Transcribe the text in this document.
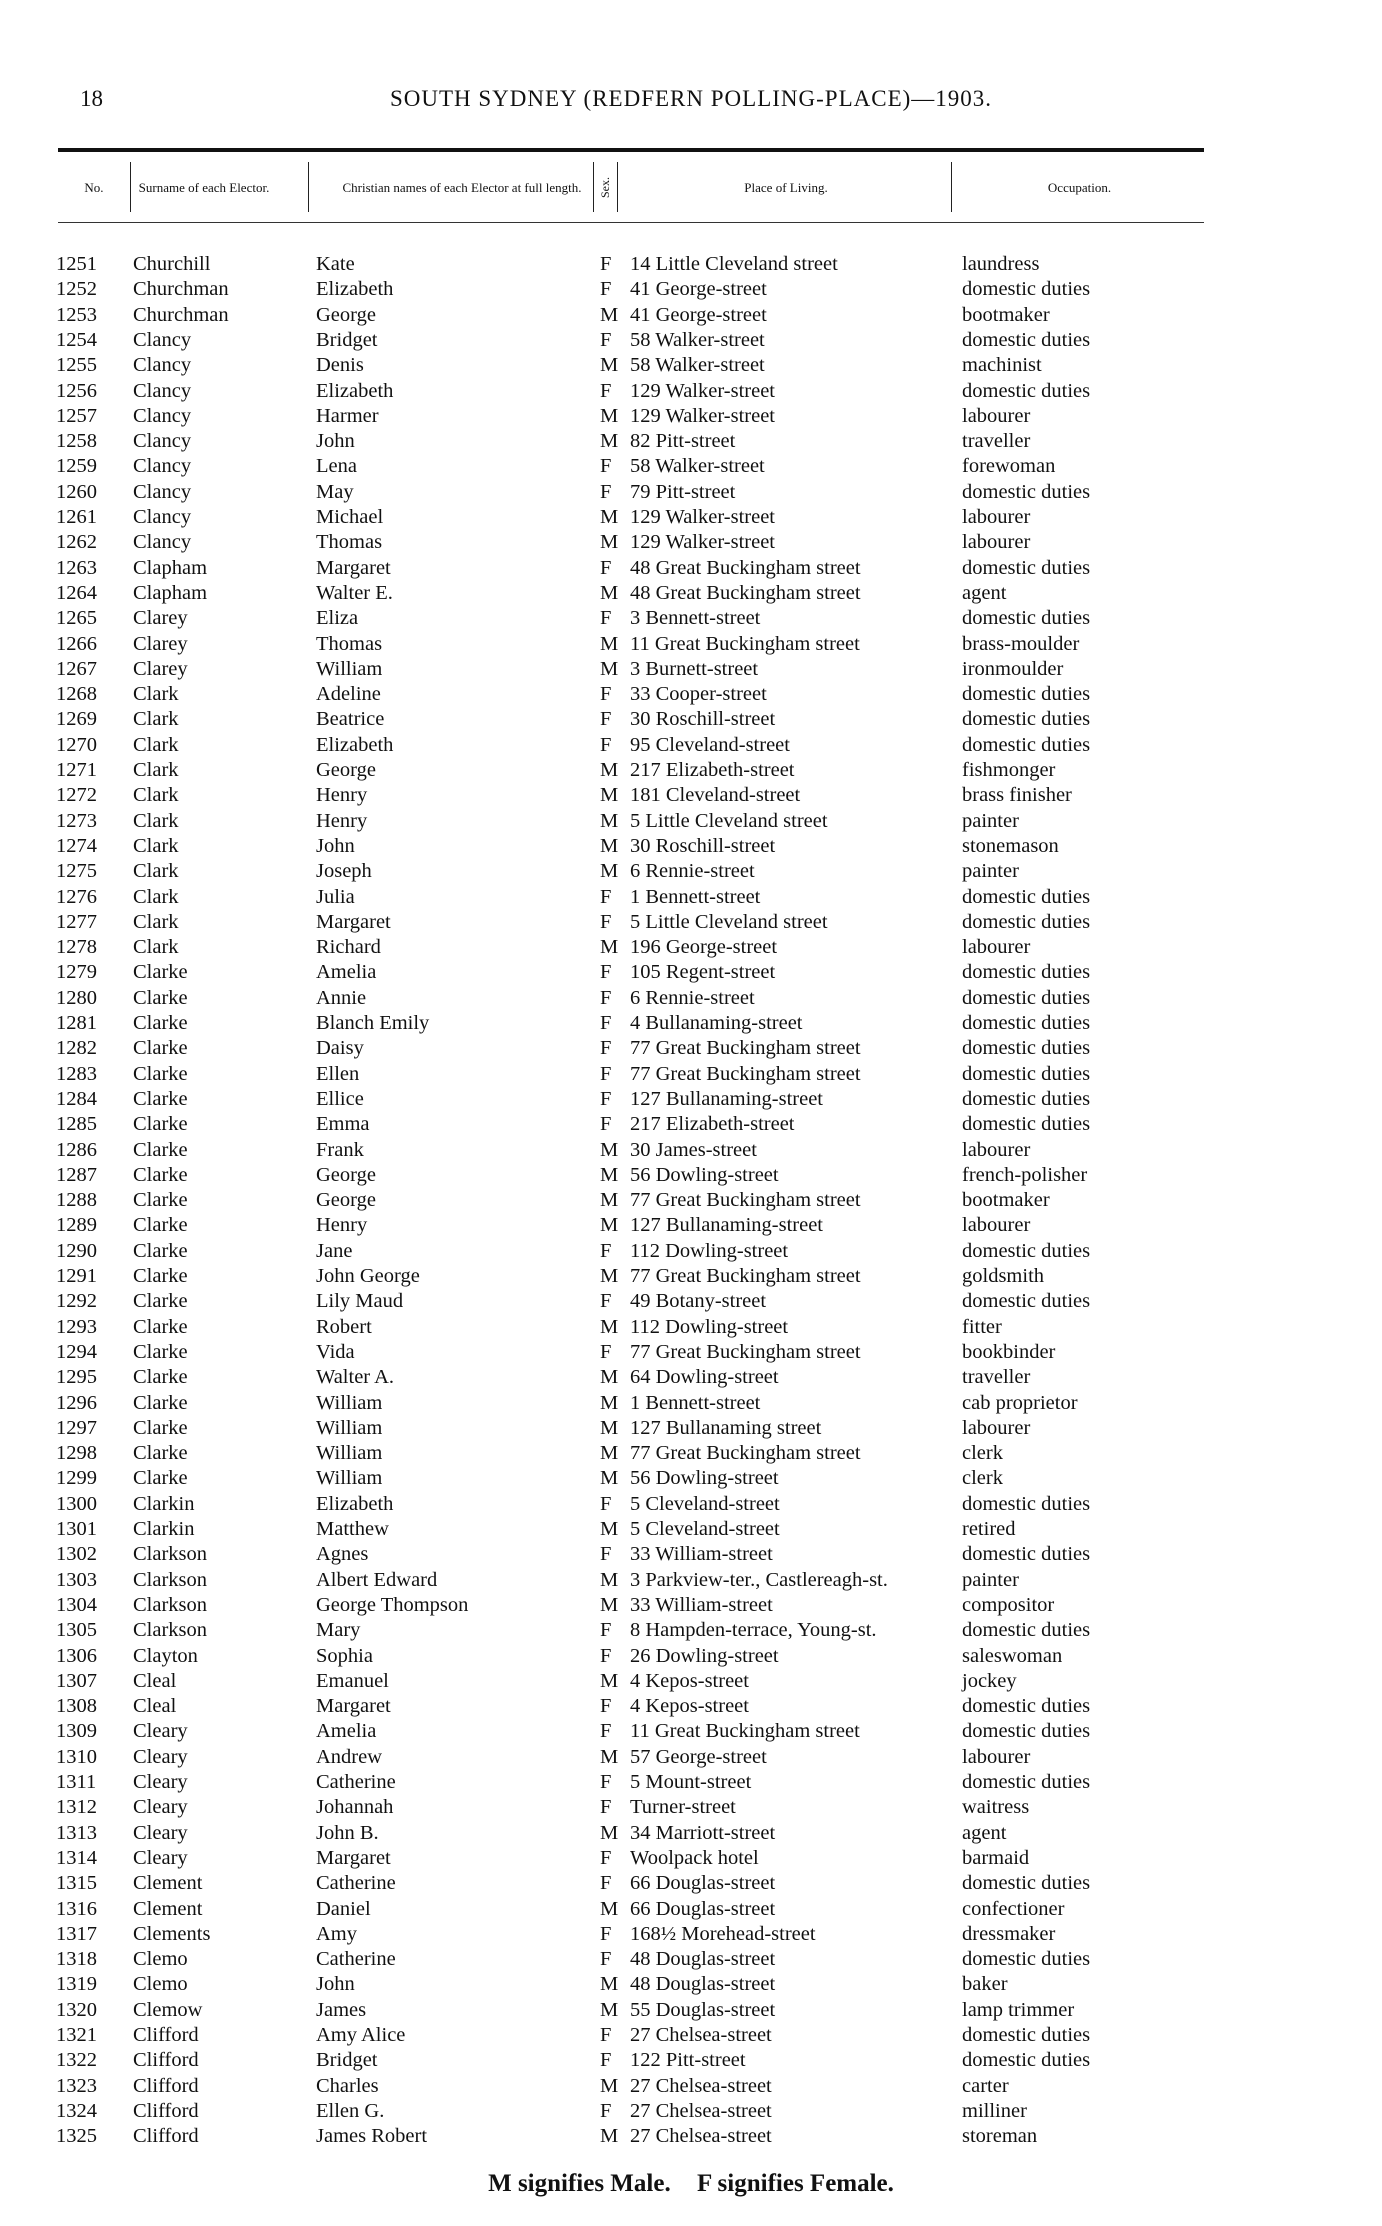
18	SOUTH SYDNEY (REDFERN POLLING-PLACE)—1903.
No.	Surname of each Elector.	Christian names of each Elector at full length.	Sex.	Place of Living.	Occupation.
1251 Churchill	Kate	F 14 Little Cleveland street	laundress
1252 Churchman	Elizabeth	F 41 George-street	domestic duties
1253 Churchman	George	M 41 George-street	bootmaker
1254 Clancy	Bridget	F 58 Walker-street	domestic duties
1255 Clancy	Denis	M 58 Walker-street	machinist
1256 Clancy	Elizabeth	F 129 Walker-street	domestic duties
1257 Clancy	Harmer	M 129 Walker-street	labourer
1258 Clancy	John	M 82 Pitt-street	traveller
1259 Clancy	Lena	F 58 Walker-street	forewoman
1260 Clancy	May	F 79 Pitt-street	domestic duties
1261 Clancy	Michael	M 129 Walker-street	labourer
1262 Clancy	Thomas	M 129 Walker-street	labourer
1263 Clapham	Margaret	F 48 Great Buckingham street	domestic duties
1264 Clapham	Walter E.	M 48 Great Buckingham street	agent
1265 Clarey	Eliza	F 3 Bennett-street	domestic duties
1266 Clarey	Thomas	M 11 Great Buckingham street	brass-moulder
1267 Clarey	William	M 3 Burnett-street	ironmoulder
1268 Clark	Adeline	F 33 Cooper-street	domestic duties
1269 Clark	Beatrice	F 30 Roschill-street	domestic duties
1270 Clark	Elizabeth	F 95 Cleveland-street	domestic duties
1271 Clark	George	M 217 Elizabeth-street	fishmonger
1272 Clark	Henry	M 181 Cleveland-street	brass finisher
1273 Clark	Henry	M 5 Little Cleveland street	painter
1274 Clark	John	M 30 Roschill-street	stonemason
1275 Clark	Joseph	M 6 Rennie-street	painter
1276 Clark	Julia	F 1 Bennett-street	domestic duties
1277 Clark	Margaret	F 5 Little Cleveland street	domestic duties
1278 Clark	Richard	M 196 George-street	labourer
1279 Clarke	Amelia	F 105 Regent-street	domestic duties
1280 Clarke	Annie	F 6 Rennie-street	domestic duties
1281 Clarke	Blanch Emily	F 4 Bullanaming-street	domestic duties
1282 Clarke	Daisy	F 77 Great Buckingham street	domestic duties
1283 Clarke	Ellen	F 77 Great Buckingham street	domestic duties
1284 Clarke	Ellice	F 127 Bullanaming-street	domestic duties
1285 Clarke	Emma	F 217 Elizabeth-street	domestic duties
1286 Clarke	Frank	M 30 James-street	labourer
1287 Clarke	George	M 56 Dowling-street	french-polisher
1288 Clarke	George	M 77 Great Buckingham street	bootmaker
1289 Clarke	Henry	M 127 Bullanaming-street	labourer
1290 Clarke	Jane	F 112 Dowling-street	domestic duties
1291 Clarke	John George	M 77 Great Buckingham street	goldsmith
1292 Clarke	Lily Maud	F 49 Botany-street	domestic duties
1293 Clarke	Robert	M 112 Dowling-street	fitter
1294 Clarke	Vida	F 77 Great Buckingham street	bookbinder
1295 Clarke	Walter A.	M 64 Dowling-street	traveller
1296 Clarke	William	M 1 Bennett-street	cab proprietor
1297 Clarke	William	M 127 Bullanaming street	labourer
1298 Clarke	William	M 77 Great Buckingham street	clerk
1299 Clarke	William	M 56 Dowling-street	clerk
1300 Clarkin	Elizabeth	F 5 Cleveland-street	domestic duties
1301 Clarkin	Matthew	M 5 Cleveland-street	retired
1302 Clarkson	Agnes	F 33 William-street	domestic duties
1303 Clarkson	Albert Edward	M 3 Parkview-ter., Castlereagh-st.	painter
1304 Clarkson	George Thompson	M 33 William-street	compositor
1305 Clarkson	Mary	F 8 Hampden-terrace, Young-st.	domestic duties
1306 Clayton	Sophia	F 26 Dowling-street	saleswoman
1307 Cleal	Emanuel	M 4 Kepos-street	jockey
1308 Cleal	Margaret	F 4 Kepos-street	domestic duties
1309 Cleary	Amelia	F 11 Great Buckingham street	domestic duties
1310 Cleary	Andrew	M 57 George-street	labourer
1311 Cleary	Catherine	F 5 Mount-street	domestic duties
1312 Cleary	Johannah	F Turner-street	waitress
1313 Cleary	John B.	M 34 Marriott-street	agent
1314 Cleary	Margaret	F Woolpack hotel	barmaid
1315 Clement	Catherine	F 66 Douglas-street	domestic duties
1316 Clement	Daniel	M 66 Douglas-street	confectioner
1317 Clements	Amy	F 168½ Morehead-street	dressmaker
1318 Clemo	Catherine	F 48 Douglas-street	domestic duties
1319 Clemo	John	M 48 Douglas-street	baker
1320 Clemow	James	M 55 Douglas-street	lamp trimmer
1321 Clifford	Amy Alice	F 27 Chelsea-street	domestic duties
1322 Clifford	Bridget	F 122 Pitt-street	domestic duties
1323 Clifford	Charles	M 27 Chelsea-street	carter
1324 Clifford	Ellen G.	F 27 Chelsea-street	milliner
1325 Clifford	James Robert	M 27 Chelsea-street	storeman
M signifies Male. F signifies Female.
